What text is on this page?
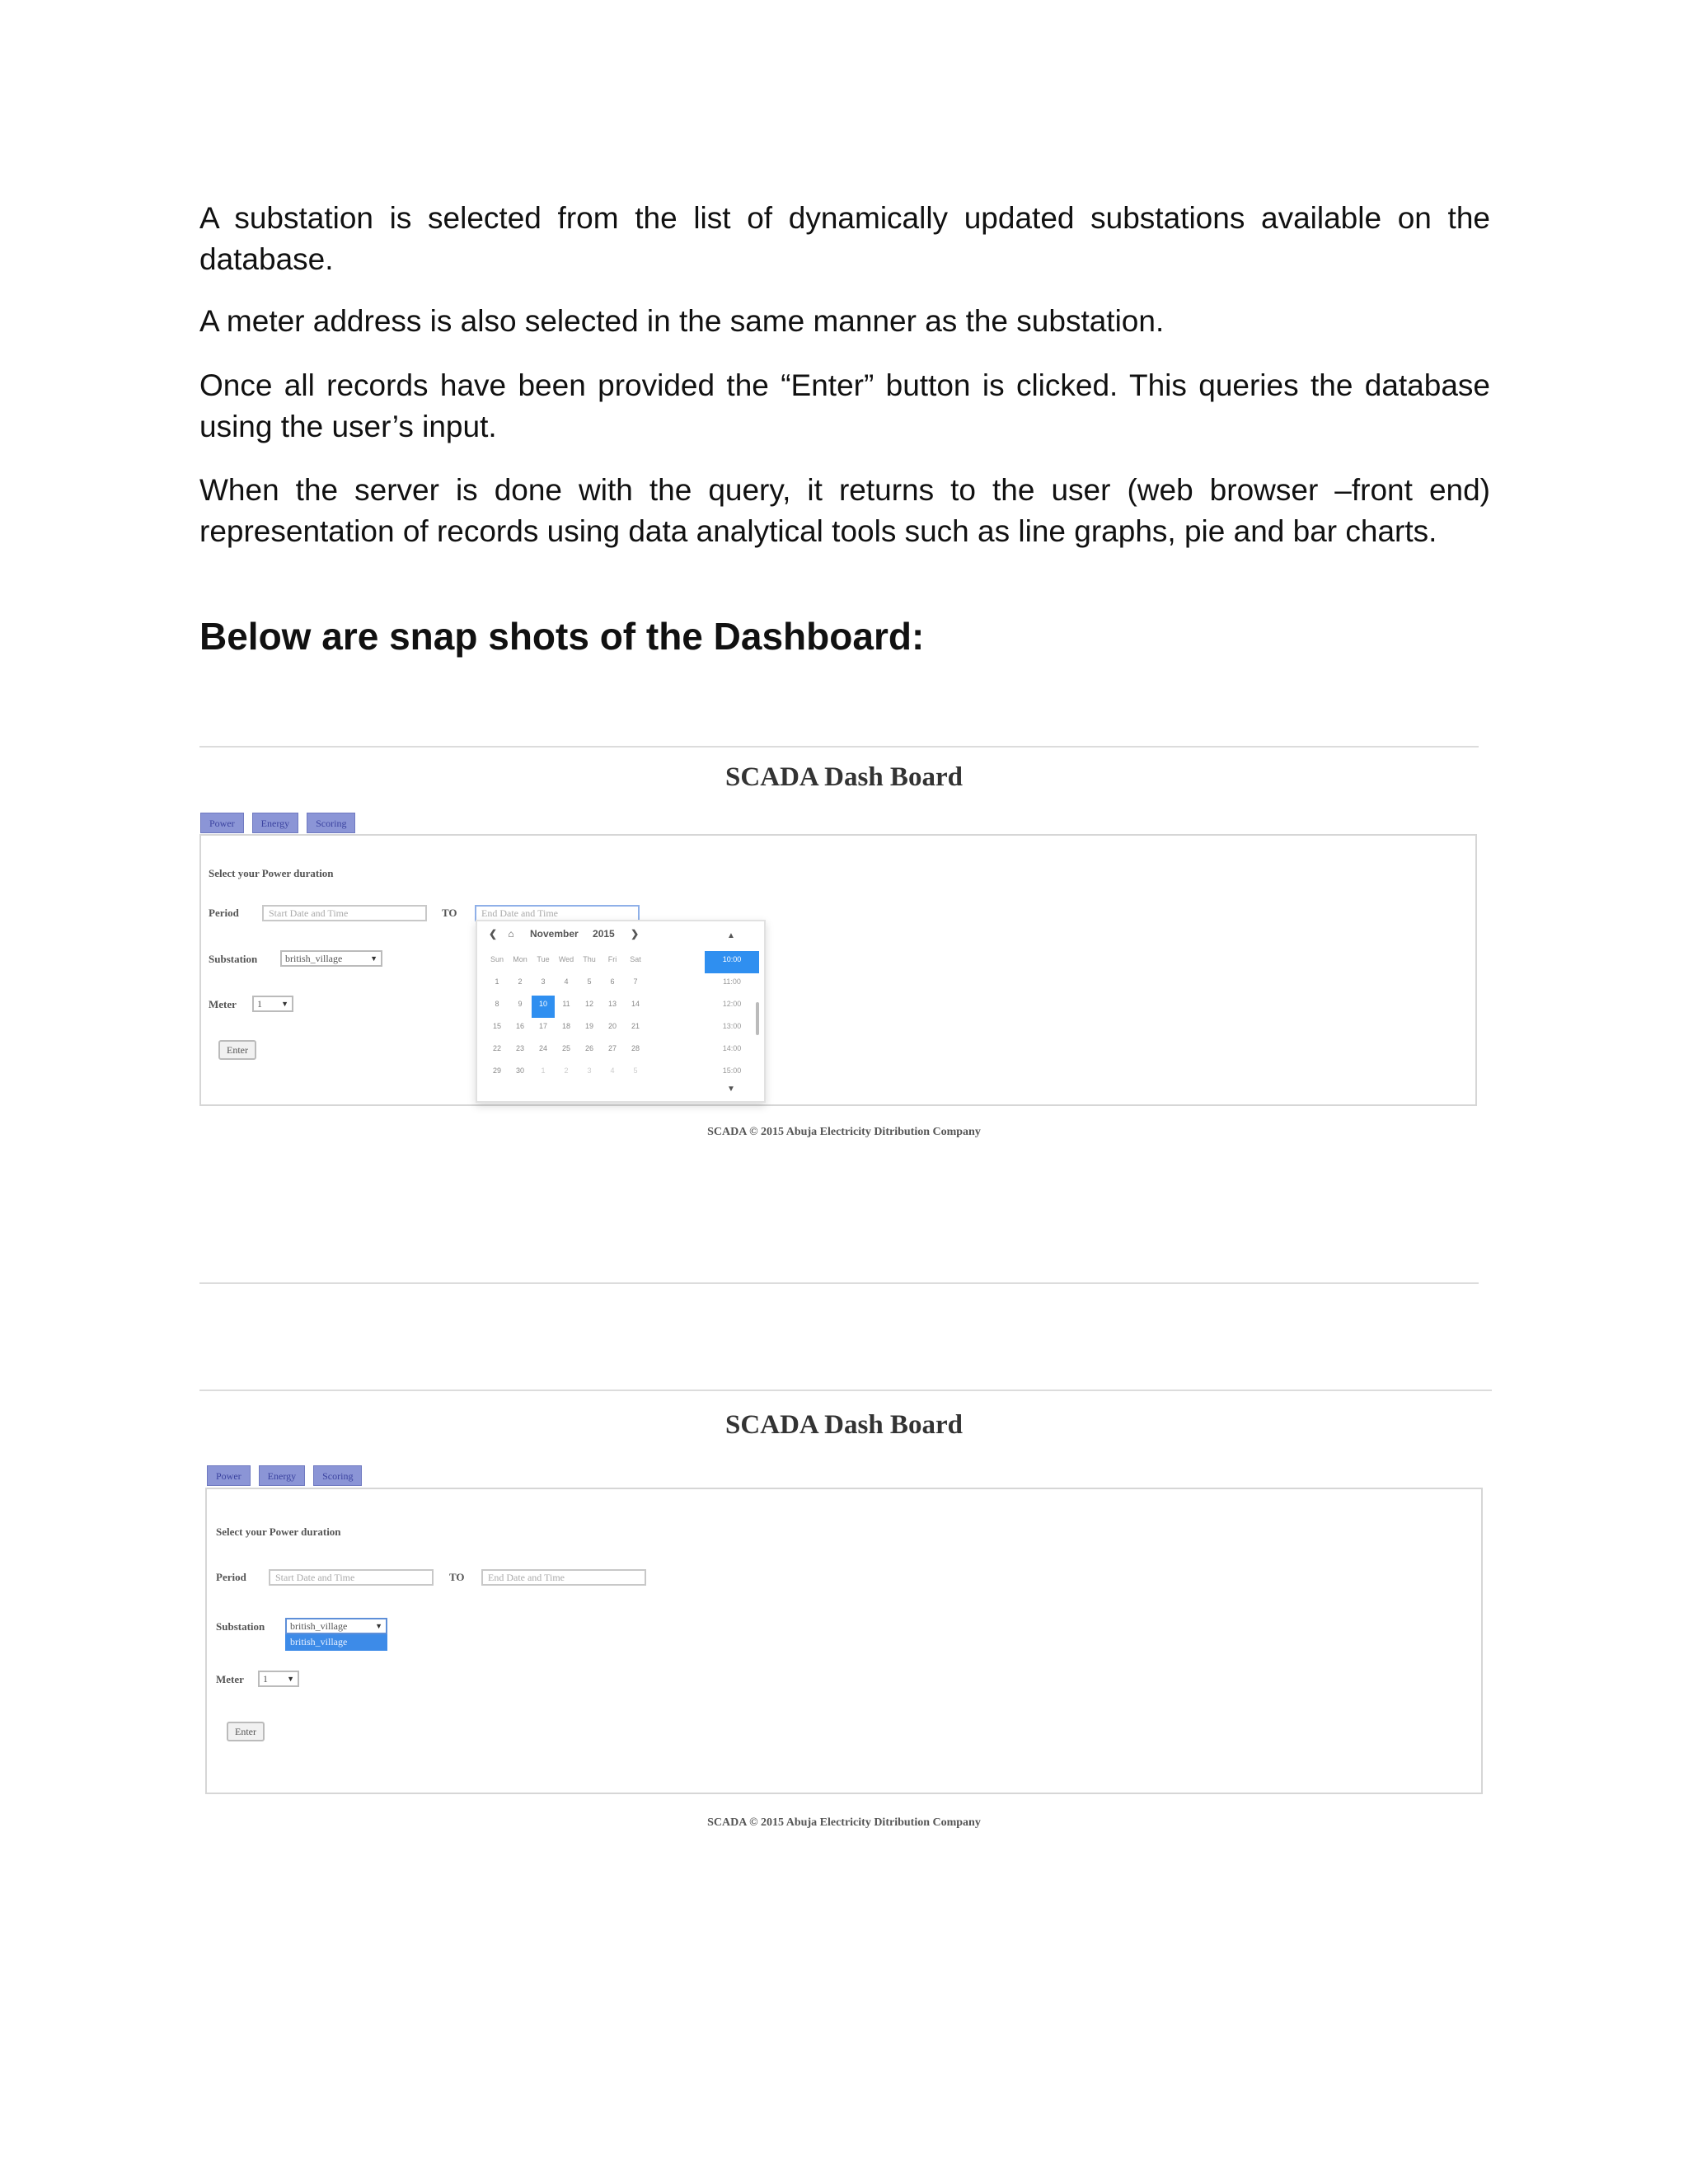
A substation is selected from the list of dynamically updated substations available on the database.

A meter address is also selected in the same manner as the substation.

Once all records have been provided the “Enter” button is clicked. This queries the database using the user’s input.

When the server is done with the query, it returns to the user (web browser –front end) representation of records using data analytical tools such as line graphs, pie and bar charts.

Below are snap shots of the Dashboard:
SCADA Dash Board
Power	Energy	Scoring
Select your Power duration
Period	Start Date and Time	TO	End Date and Time
Substation	british_village	▼
Meter	1	▼
Enter
❮ ⌂ November 2015 ❯
Sun	Mon	Tue	Wed	Thu	Fri	Sat
1	2	3	4	5	6	7
8	9	10	11	12	13	14
15	16	17	18	19	20	21
22	23	24	25	26	27	28
29	30	1	2	3	4	5
▲
10:00
11:00
12:00
13:00
14:00
15:00
▼
SCADA © 2015 Abuja Electricity Ditribution Company
SCADA Dash Board
Power	Energy	Scoring
Select your Power duration
Period	Start Date and Time	TO	End Date and Time
Substation	british_village	▼
british_village
Meter	1	▼
Enter
SCADA © 2015 Abuja Electricity Ditribution Company
